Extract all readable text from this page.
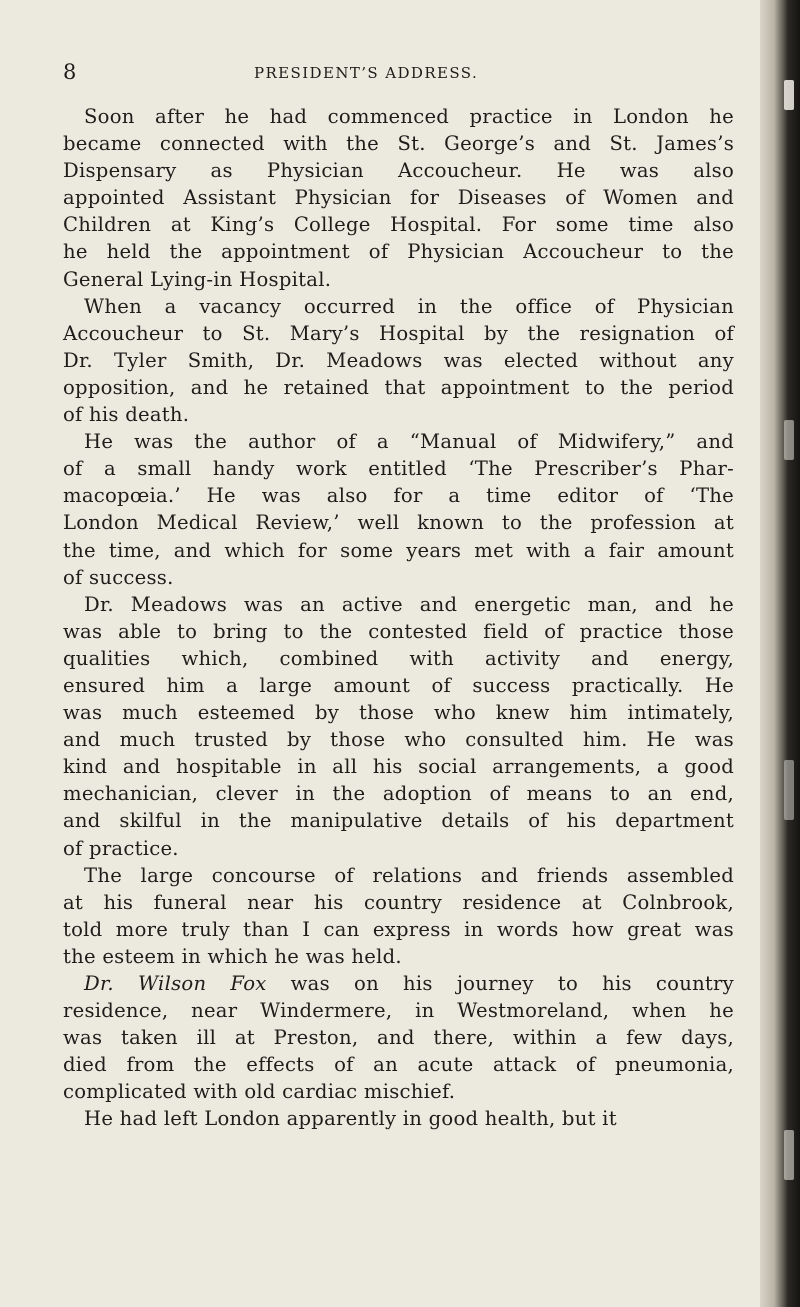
8	PRESIDENT’S ADDRESS.
Soon after he had commenced practice in London he
became connected with the St. George’s and St. James’s
Dispensary as Physician Accoucheur. He was also
appointed Assistant Physician for Diseases of Women and
Children at King’s College Hospital. For some time also
he held the appointment of Physician Accoucheur to the
General Lying-in Hospital.
When a vacancy occurred in the office of Physician
Accoucheur to St. Mary’s Hospital by the resignation of
Dr. Tyler Smith, Dr. Meadows was elected without any
opposition, and he retained that appointment to the period
of his death.
He was the author of a “Manual of Midwifery,” and
of a small handy work entitled ‘The Prescriber’s Phar-
macopœia.’ He was also for a time editor of ‘The
London Medical Review,’ well known to the profession at
the time, and which for some years met with a fair amount
of success.
Dr. Meadows was an active and energetic man, and he
was able to bring to the contested field of practice those
qualities which, combined with activity and energy,
ensured him a large amount of success practically. He
was much esteemed by those who knew him intimately,
and much trusted by those who consulted him. He was
kind and hospitable in all his social arrangements, a good
mechanician, clever in the adoption of means to an end,
and skilful in the manipulative details of his department
of practice.
The large concourse of relations and friends assembled
at his funeral near his country residence at Colnbrook,
told more truly than I can express in words how great was
the esteem in which he was held.
Dr. Wilson Fox was on his journey to his country
residence, near Windermere, in Westmoreland, when he
was taken ill at Preston, and there, within a few days,
died from the effects of an acute attack of pneumonia,
complicated with old cardiac mischief.
He had left London apparently in good health, but it
